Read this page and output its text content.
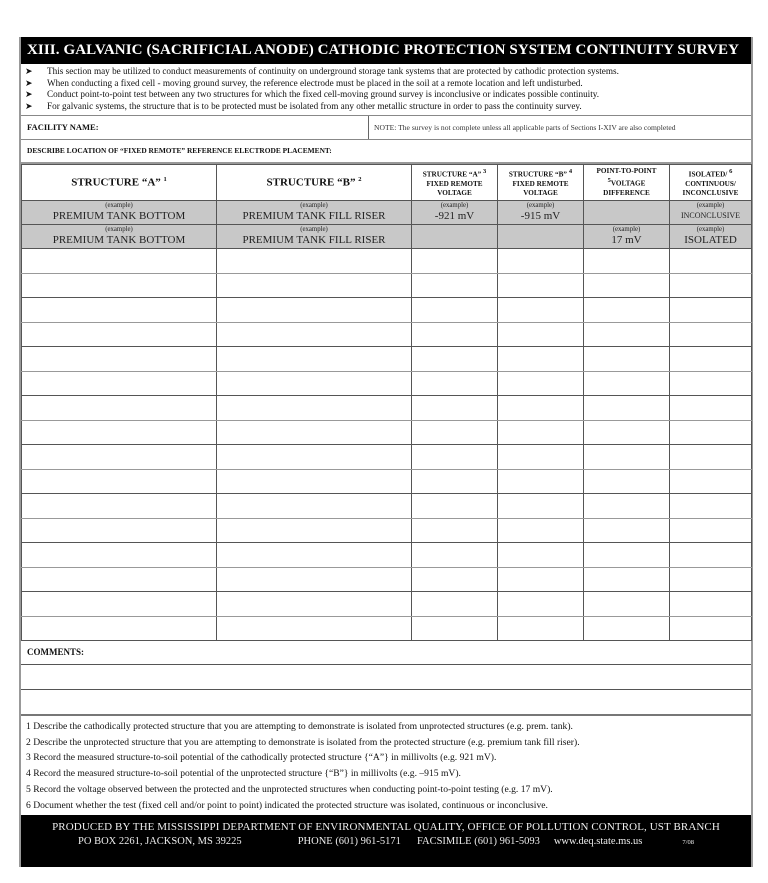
XIII. GALVANIC (SACRIFICIAL ANODE) CATHODIC PROTECTION SYSTEM CONTINUITY SURVEY
➤	This section may be utilized to conduct measurements of continuity on underground storage tank systems that are protected by cathodic protection systems.
➤	When conducting a fixed cell - moving ground survey, the reference electrode must be placed in the soil at a remote location and left undisturbed.
➤	Conduct point-to-point test between any two structures for which the fixed cell-moving ground survey is inconclusive or indicates possible continuity.
➤	For galvanic systems, the structure that is to be protected must be isolated from any other metallic structure in order to pass the continuity survey.
FACILITY NAME:	NOTE: The survey is not complete unless all applicable parts of Sections I-XIV are also completed
DESCRIBE LOCATION OF “FIXED REMOTE” REFERENCE ELECTRODE PLACEMENT:
STRUCTURE “A” $^1$	STRUCTURE “B” $^2$	STRUCTURE “A” $^3$
FIXED REMOTE
VOLTAGE	STRUCTURE “B” $^4$
FIXED REMOTE
VOLTAGE	POINT-TO-POINT
$^5$VOLTAGE
DIFFERENCE	ISOLATED/ $^6$
CONTINUOUS/
INCONCLUSIVE

(example)
PREMIUM TANK BOTTOM	(example)
PREMIUM TANK FILL RISER	(example)
-921 mV	(example)
-915 mV		(example)
INCONCLUSIVE

(example)
PREMIUM TANK BOTTOM	(example)
PREMIUM TANK FILL RISER			(example)
17 mV	(example)
ISOLATED

COMMENTS:
1 Describe the cathodically protected structure that you are attempting to demonstrate is isolated from unprotected structures (e.g. prem. tank).
2 Describe the unprotected structure that you are attempting to demonstrate is isolated from the protected structure (e.g. premium tank fill riser).
3 Record the measured structure-to-soil potential of the cathodically protected structure {“A”} in millivolts (e.g. 921 mV).
4 Record the measured structure-to-soil potential of the unprotected structure {“B”} in millivolts (e.g. –915 mV).
5 Record the voltage observed between the protected and the unprotected structures when conducting point-to-point testing (e.g. 17 mV).
6 Document whether the test (fixed cell and/or point to point) indicated the protected structure was isolated, continuous or inconclusive.
PRODUCED BY THE MISSISSIPPI DEPARTMENT OF ENVIRONMENTAL QUALITY, OFFICE OF POLLUTION CONTROL, UST BRANCH
PO BOX 2261, JACKSON, MS 39225	PHONE (601) 961-5171 FACSIMILE (601) 961-5093 www.deq.state.ms.us	7/08
